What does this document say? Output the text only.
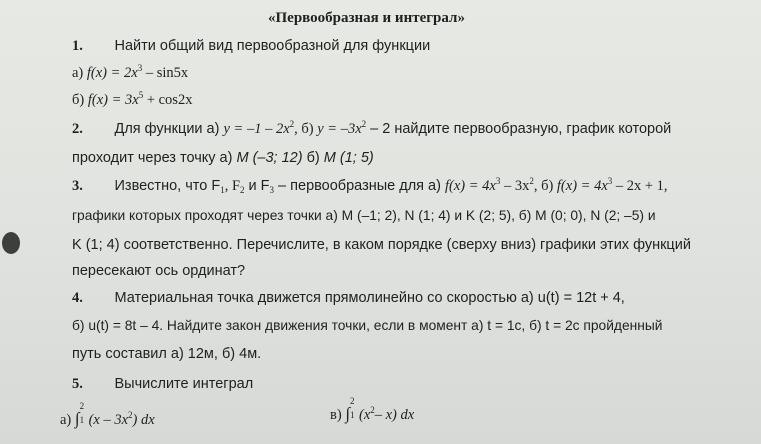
«Первообразная и интеграл»
1. Найти общий вид первообразной для функции
а) $f(x) = 2x^3 - \sin 5x$
б) $f(x) = 3x^5 + \cos 2x$
2. Для функции а) $y = -1 - 2x^2$, б) $y = -3x^2 - 2$ найдите первообразную, график которой
проходит через точку а) M (–3; 12) б) M (1; 5)
3. Известно, что $F_1$, $F_2$ и $F_3$ – первообразные для а) $f(x) = 4x^3 - 3x^2$, б) $f(x) = 4x^3 - 2x + 1$,
графики которых проходят через точки а) M (–1; 2), N (1; 4) и K (2; 5), б) M (0; 0), N (2; –5) и
K (1; 4) соответственно. Перечислите, в каком порядке (сверху вниз) графики этих функций
пересекают ось ординат?
4. Материальная точка движется прямолинейно со скоростью а) u(t) = 12t + 4,
б) u(t) = 8t – 4. Найдите закон движения точки, если в момент а) t = 1с, б) t = 2с пройденный
путь составил а) 12м, б) 4м.
5. Вычислите интеграл
а) ∫
2
1 $(x - 3x^2)$ dx	в) ∫
2
1 ($x^2-$ x) dx
